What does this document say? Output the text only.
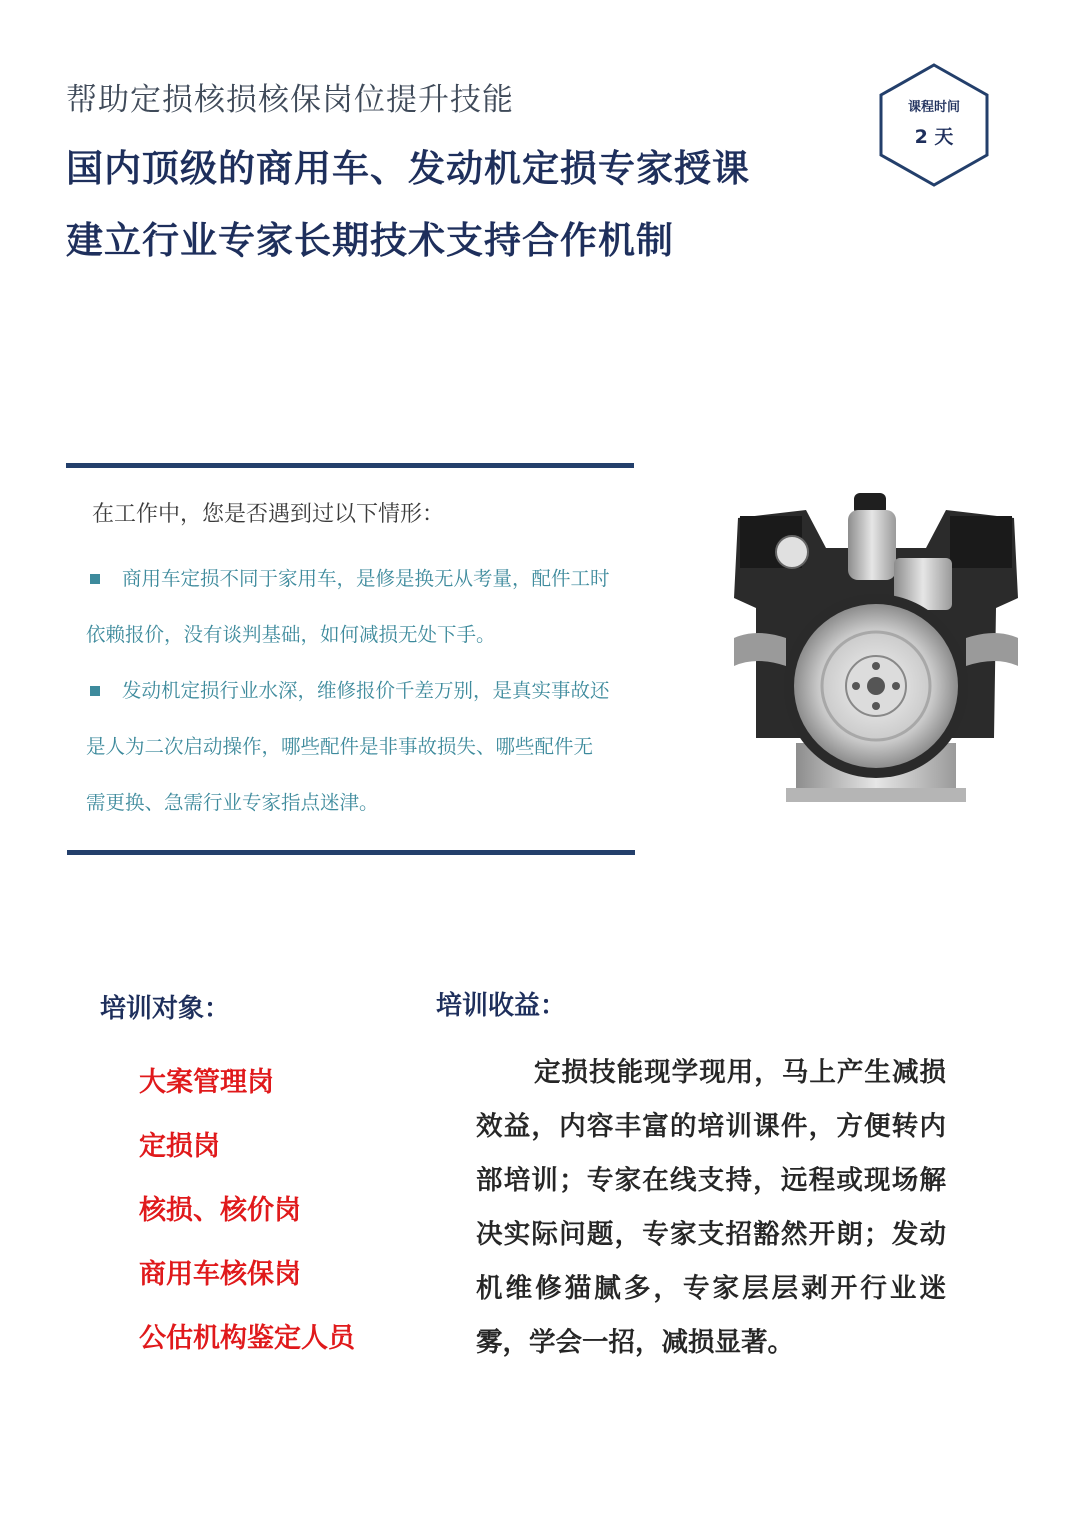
帮助定损核损核保岗位提升技能
国内顶级的商用车、发动机定损专家授课
建立行业专家长期技术支持合作机制
课程时间
2 天
在工作中，您是否遇到过以下情形：
商用车定损不同于家用车，是修是换无从考量，配件工时依赖报价，没有谈判基础，如何减损无处下手。
发动机定损行业水深，维修报价千差万别，是真实事故还是人为二次启动操作，哪些配件是非事故损失、哪些配件无需更换、急需行业专家指点迷津。
培训对象：
大案管理岗
定损岗
核损、核价岗
商用车核保岗
公估机构鉴定人员
培训收益：
定损技能现学现用，马上产生减损效益，内容丰富的培训课件，方便转内部培训；专家在线支持，远程或现场解决实际问题，专家支招豁然开朗；发动机维修猫腻多，专家层层剥开行业迷雾，学会一招，减损显著。
